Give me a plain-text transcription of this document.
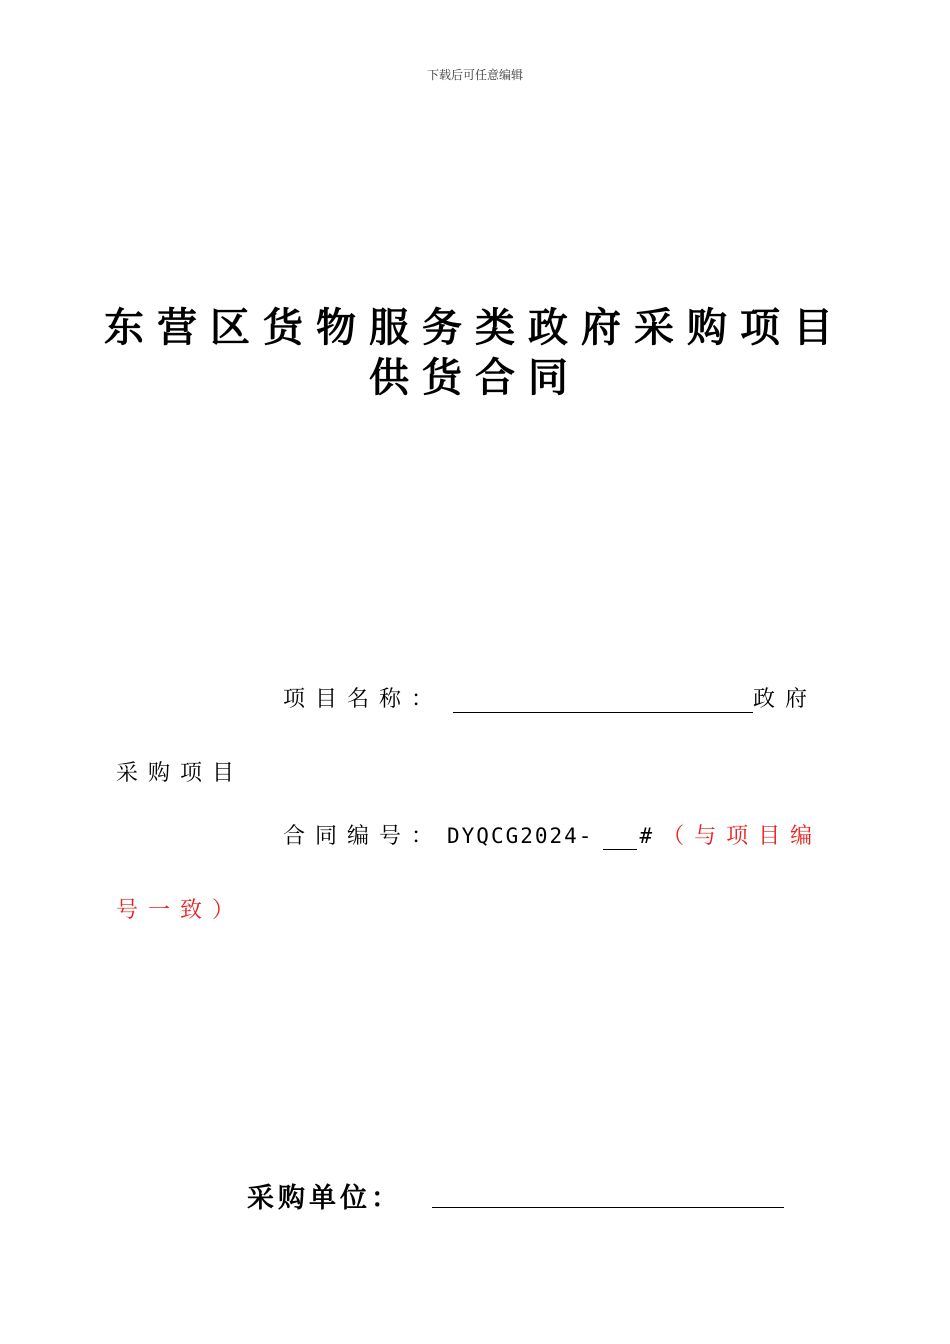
下载后可任意编辑
东营区货物服务类政府采购项目
供货合同
项目名称：	政府
采购项目
合同编号： DYQCG2024- # （与项目编
号一致）
采购单位：
